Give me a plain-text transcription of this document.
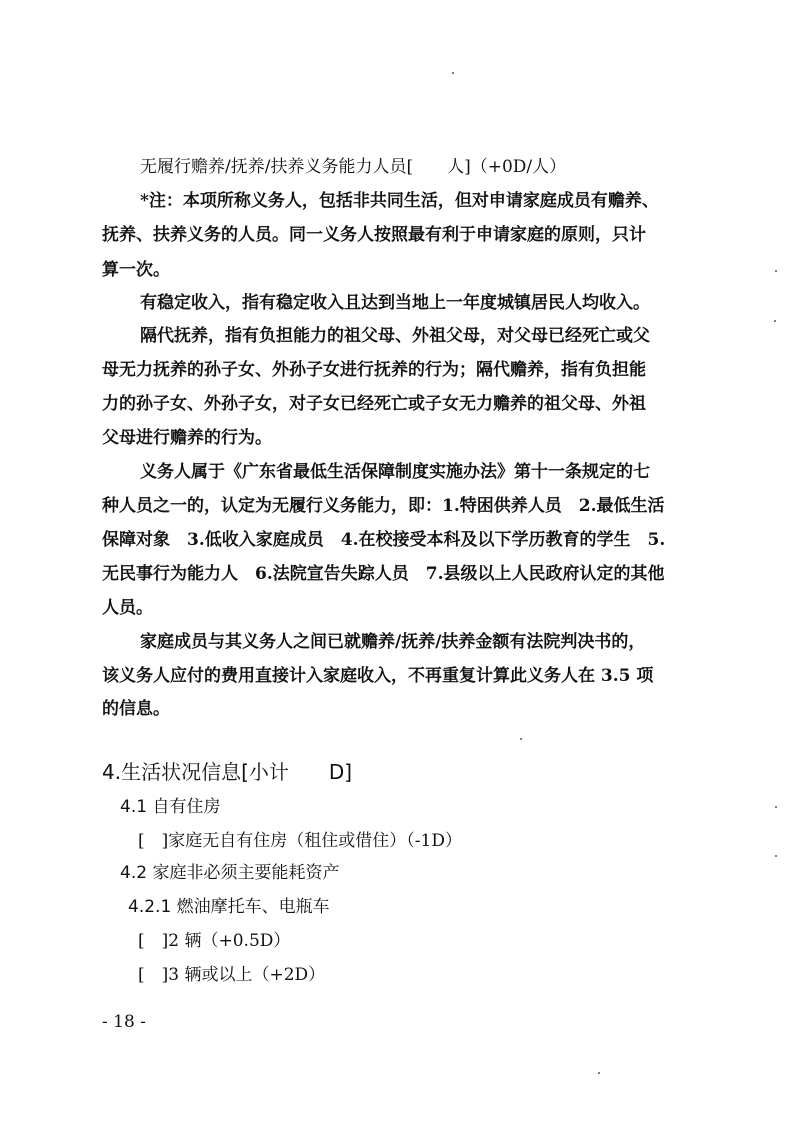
无履行赡养/抚养/扶养义务能力人员[　　人]（+0D/人）
*注：本项所称义务人，包括非共同生活，但对申请家庭成员有赡养、
抚养、扶养义务的人员。同一义务人按照最有利于申请家庭的原则，只计
算一次。
有稳定收入，指有稳定收入且达到当地上一年度城镇居民人均收入。
隔代抚养，指有负担能力的祖父母、外祖父母，对父母已经死亡或父
母无力抚养的孙子女、外孙子女进行抚养的行为；隔代赡养，指有负担能
力的孙子女、外孙子女，对子女已经死亡或子女无力赡养的祖父母、外祖
父母进行赡养的行为。
义务人属于《广东省最低生活保障制度实施办法》第十一条规定的七
种人员之一的，认定为无履行义务能力，即：1.特困供养人员　2.最低生活
保障对象　3.低收入家庭成员　4.在校接受本科及以下学历教育的学生　5.
无民事行为能力人　6.法院宣告失踪人员　7.县级以上人民政府认定的其他
人员。
家庭成员与其义务人之间已就赡养/抚养/扶养金额有法院判决书的，
该义务人应付的费用直接计入家庭收入，不再重复计算此义务人在 3.5 项
的信息。
4.生活状况信息[小计　　D]
4.1 自有住房
[　]家庭无自有住房（租住或借住）（-1D）
4.2 家庭非必须主要能耗资产
4.2.1 燃油摩托车、电瓶车
[　]2 辆（+0.5D）
[　]3 辆或以上（+2D）
- 18 -
